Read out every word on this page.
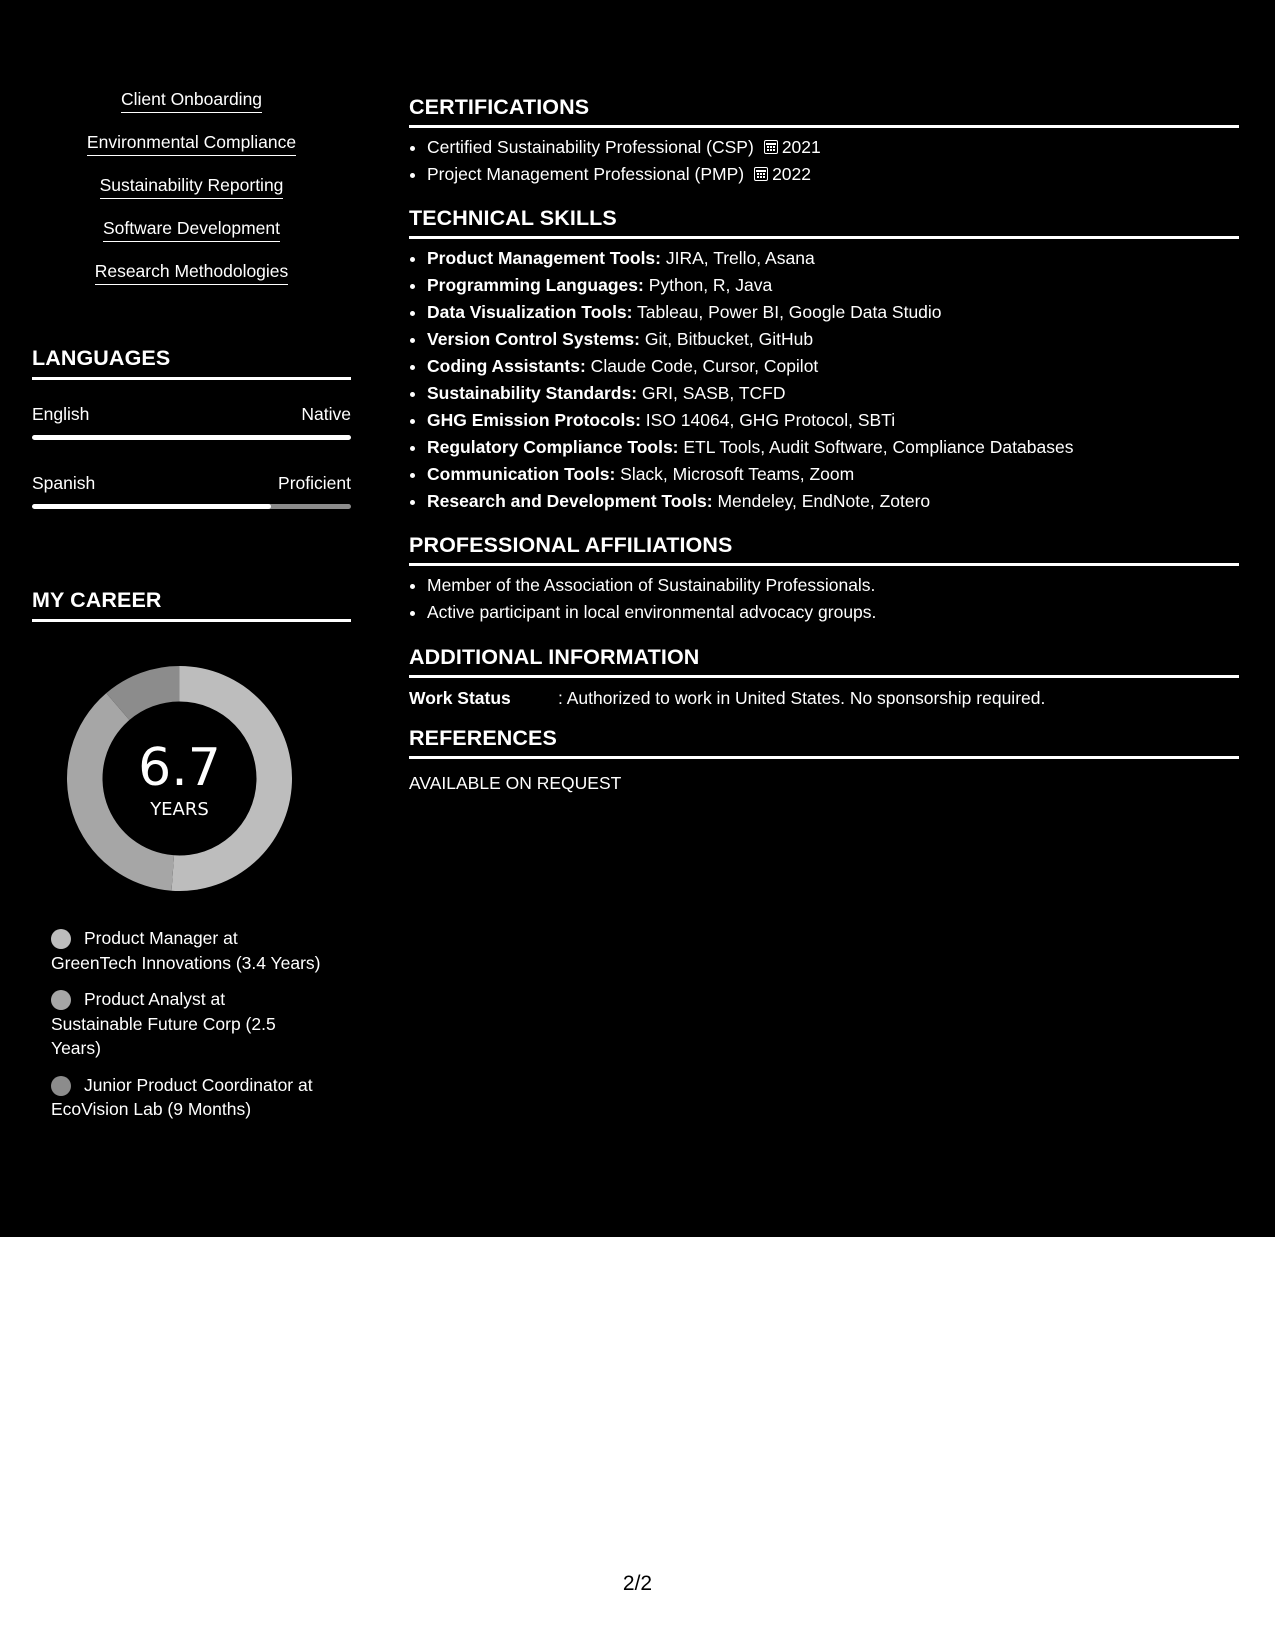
Client Onboarding
Environmental Compliance
Sustainability Reporting
Software Development
Research Methodologies
LANGUAGES
English	Native
Spanish	Proficient
MY CAREER
6.7
YEARS
Product Manager at GreenTech Innovations (3.4 Years)
Product Analyst at Sustainable Future Corp (2.5 Years)
Junior Product Coordinator at EcoVision Lab (9 Months)
CERTIFICATIONS
• Certified Sustainability Professional (CSP) 2021
• Project Management Professional (PMP) 2022
TECHNICAL SKILLS
• Product Management Tools: JIRA, Trello, Asana
• Programming Languages: Python, R, Java
• Data Visualization Tools: Tableau, Power BI, Google Data Studio
• Version Control Systems: Git, Bitbucket, GitHub
• Coding Assistants: Claude Code, Cursor, Copilot
• Sustainability Standards: GRI, SASB, TCFD
• GHG Emission Protocols: ISO 14064, GHG Protocol, SBTi
• Regulatory Compliance Tools: ETL Tools, Audit Software, Compliance Databases
• Communication Tools: Slack, Microsoft Teams, Zoom
• Research and Development Tools: Mendeley, EndNote, Zotero
PROFESSIONAL AFFILIATIONS
• Member of the Association of Sustainability Professionals.
• Active participant in local environmental advocacy groups.
ADDITIONAL INFORMATION
Work Status	: Authorized to work in United States. No sponsorship required.
REFERENCES
AVAILABLE ON REQUEST
2/2
